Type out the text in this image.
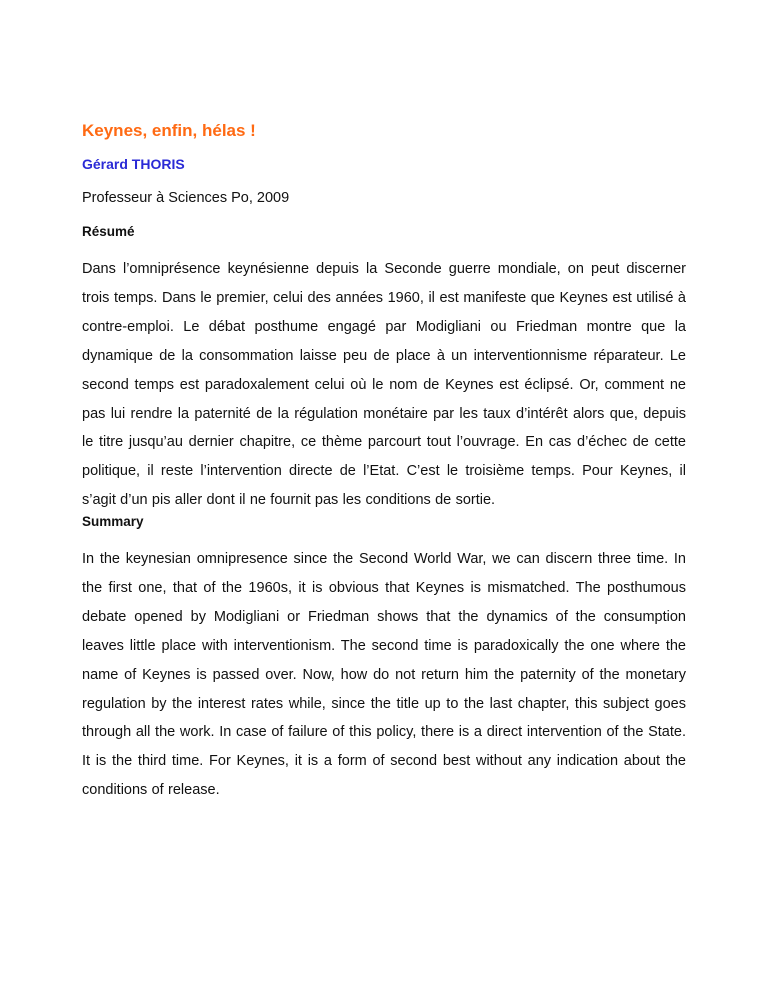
Keynes, enfin, hélas !

Gérard THORIS

Professeur à Sciences Po, 2009

Résumé

Dans l’omniprésence keynésienne depuis la Seconde guerre mondiale, on peut discerner trois temps. Dans le premier, celui des années 1960, il est manifeste que Keynes est utilisé à contre-emploi. Le débat posthume engagé par Modigliani ou Friedman montre que la dynamique de la consommation laisse peu de place à un interventionnisme réparateur. Le second temps est paradoxalement celui où le nom de Keynes est éclipsé. Or, comment ne pas lui rendre la paternité de la régulation monétaire par les taux d’intérêt alors que, depuis le titre jusqu’au dernier chapitre, ce thème parcourt tout l’ouvrage. En cas d’échec de cette politique, il reste l’intervention directe de l’Etat. C’est le troisième temps. Pour Keynes, il s’agit d’un pis aller dont il ne fournit pas les conditions de sortie.

Summary

In the keynesian omnipresence since the Second World War, we can discern three time. In the first one, that of the 1960s, it is obvious that Keynes is mismatched. The posthumous debate opened by Modigliani or Friedman shows that the dynamics of the consumption leaves little place with interventionism. The second time is paradoxically the one where the name of Keynes is passed over. Now, how do not return him the paternity of the monetary regulation by the interest rates while, since the title up to the last chapter, this subject goes through all the work. In case of failure of this policy, there is a direct intervention of the State. It is the third time. For Keynes, it is a form of second best without any indication about the conditions of release.
